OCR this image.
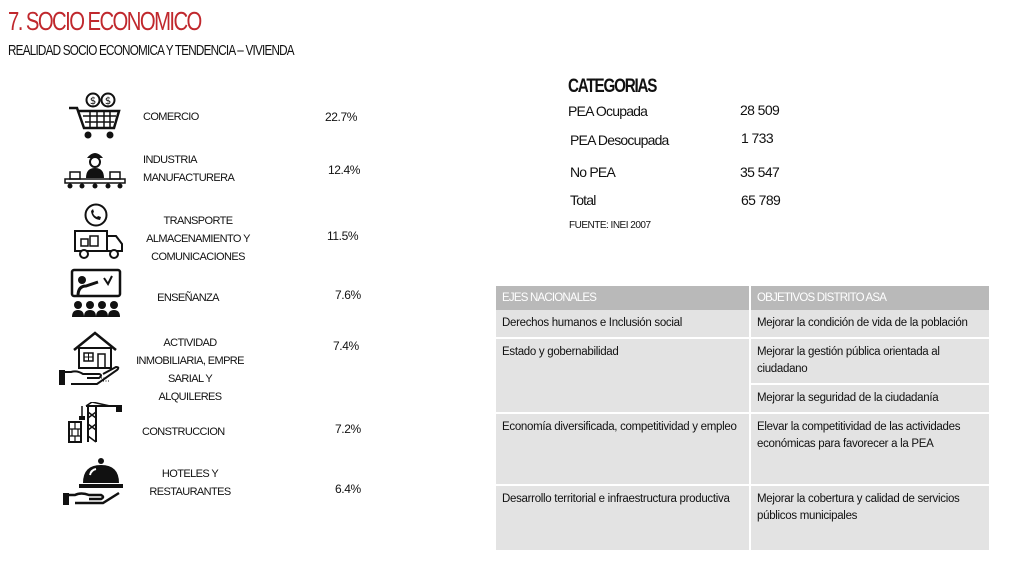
7. SOCIO ECONOMICO
REALIDAD SOCIO ECONOMICA Y TENDENCIA – VIVIENDA
$ $
COMERCIO	22.7%
INDUSTRIA MANUFACTURERA
12.4%
TRANSPORTE
ALMACENAMIENTO Y
COMUNICACIONES
11.5%
ENSEÑANZA	7.6%
ACTIVIDAD
INMOBILIARIA, EMPRE
SARIAL Y
ALQUILERES
7.4%
CONSTRUCCION	7.2%
HOTELES Y
RESTAURANTES	6.4%
CATEGORIAS
PEA Ocupada	28 509
PEA Desocupada	1 733
No PEA	35 547
Total	65 789
FUENTE: INEI 2007
EJES NACIONALES	OBJETIVOS DISTRITO ASA
Derechos humanos e Inclusión social	Mejorar la condición de vida de la población
Estado y gobernabilidad	Mejorar la gestión pública orientada al ciudadano
	Mejorar la seguridad de la ciudadanía
Economía diversificada, competitividad y empleo	Elevar la competitividad de las actividades económicas para favorecer a la PEA
Desarrollo territorial e infraestructura productiva	Mejorar la cobertura y calidad de servicios públicos municipales
